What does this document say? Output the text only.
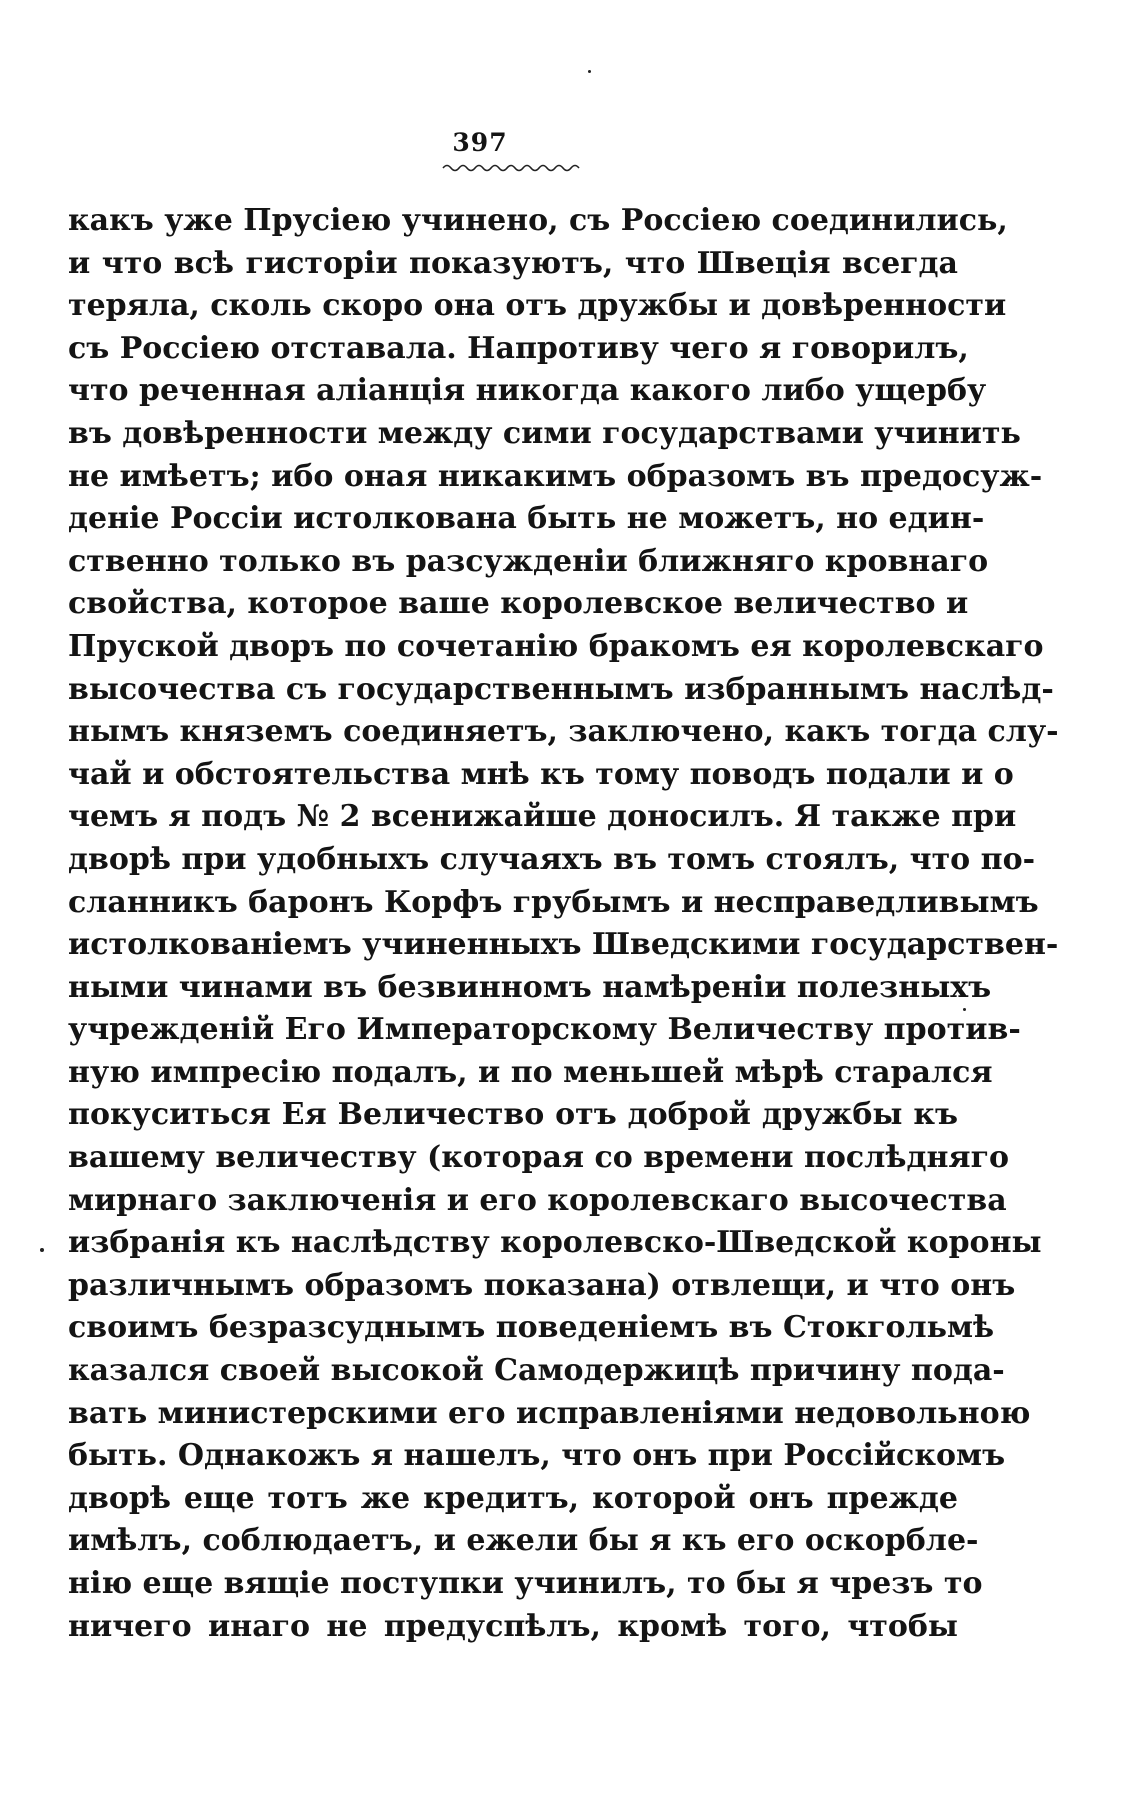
397
какъ уже Прусiею учинено, съ Россiею соединились,
и что всѣ гисторiи показуютъ, что Швецiя всегда
теряла, сколь скоро она отъ дружбы и довѣренности
съ Россiею отставала. Напротиву чего я говорилъ,
что реченная алiанцiя никогда какого либо ущербу
въ довѣренности между сими государствами учинить
не имѣетъ; ибо оная никакимъ образомъ въ предосуж-
денiе Россiи истолкована быть не можетъ, но един-
ственно только въ разсужденiи ближняго кровнаго
свойства, которое ваше королевское величество и
Пруской дворъ по сочетанiю бракомъ ея королевскаго
высочества съ государственнымъ избраннымъ наслѣд-
нымъ княземъ соединяетъ, заключено, какъ тогда слу-
чай и обстоятельства мнѣ къ тому поводъ подали и о
чемъ я подъ № 2 всенижайше доносилъ. Я также при
дворѣ при удобныхъ случаяхъ въ томъ стоялъ, что по-
сланникъ баронъ Корфъ грубымъ и несправедливымъ
истолкованiемъ учиненныхъ Шведскими государствен-
ными чинами въ безвинномъ намѣренiи полезныхъ
учрежденiй Его Императорскому Величеству против-
ную импресiю подалъ, и по меньшей мѣрѣ старался
покуситься Ея Величество отъ доброй дружбы къ
вашему величеству (которая со времени послѣдняго
мирнаго заключенiя и его королевскаго высочества
избранiя къ наслѣдству королевско-Шведской короны
различнымъ образомъ показана) отвлещи, и что онъ
своимъ безразсуднымъ поведенiемъ въ Стокгольмѣ
казался своей высокой Самодержицѣ причину пода-
вать министерскими его исправленiями недовольною
быть. Однакожъ я нашелъ, что онъ при Россiйскомъ
дворѣ еще тотъ же кредитъ, которой онъ прежде
имѣлъ, соблюдаетъ, и ежели бы я къ его оскорбле-
нiю еще вящiе поступки учинилъ, то бы я чрезъ то
ничего инаго не предуспѣлъ, кромѣ того, чтобы
